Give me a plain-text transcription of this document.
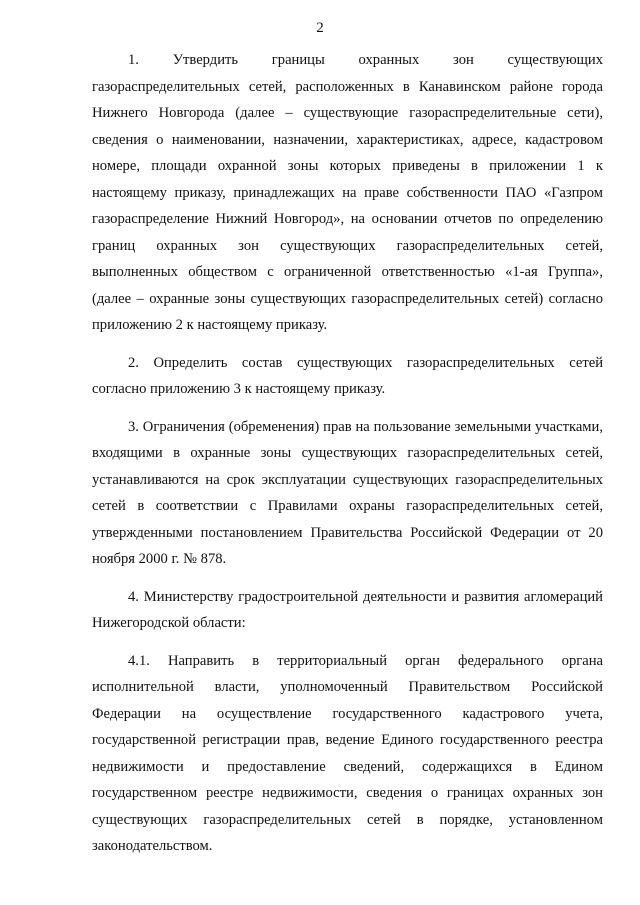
2

1. Утвердить границы охранных зон существующих газораспределительных сетей, расположенных в Канавинском районе города Нижнего Новгорода (далее – существующие газораспределительные сети), сведения о наименовании, назначении, характеристиках, адресе, кадастровом номере, площади охранной зоны которых приведены в приложении 1 к настоящему приказу, принадлежащих на праве собственности ПАО «Газпром газораспределение Нижний Новгород», на основании отчетов по определению границ охранных зон существующих газораспределительных сетей, выполненных обществом с ограниченной ответственностью «1-ая Группа», (далее – охранные зоны существующих газораспределительных сетей) согласно приложению 2 к настоящему приказу.

2. Определить состав существующих газораспределительных сетей согласно приложению 3 к настоящему приказу.

3. Ограничения (обременения) прав на пользование земельными участками, входящими в охранные зоны существующих газораспределительных сетей, устанавливаются на срок эксплуатации существующих газораспределительных сетей в соответствии с Правилами охраны газораспределительных сетей, утвержденными постановлением Правительства Российской Федерации от 20 ноября 2000 г. № 878.

4. Министерству градостроительной деятельности и развития агломераций Нижегородской области:

4.1. Направить в территориальный орган федерального органа исполнительной власти, уполномоченный Правительством Российской Федерации на осуществление государственного кадастрового учета, государственной регистрации прав, ведение Единого государственного реестра недвижимости и предоставление сведений, содержащихся в Едином государственном реестре недвижимости, сведения о границах охранных зон существующих газораспределительных сетей в порядке, установленном законодательством.
